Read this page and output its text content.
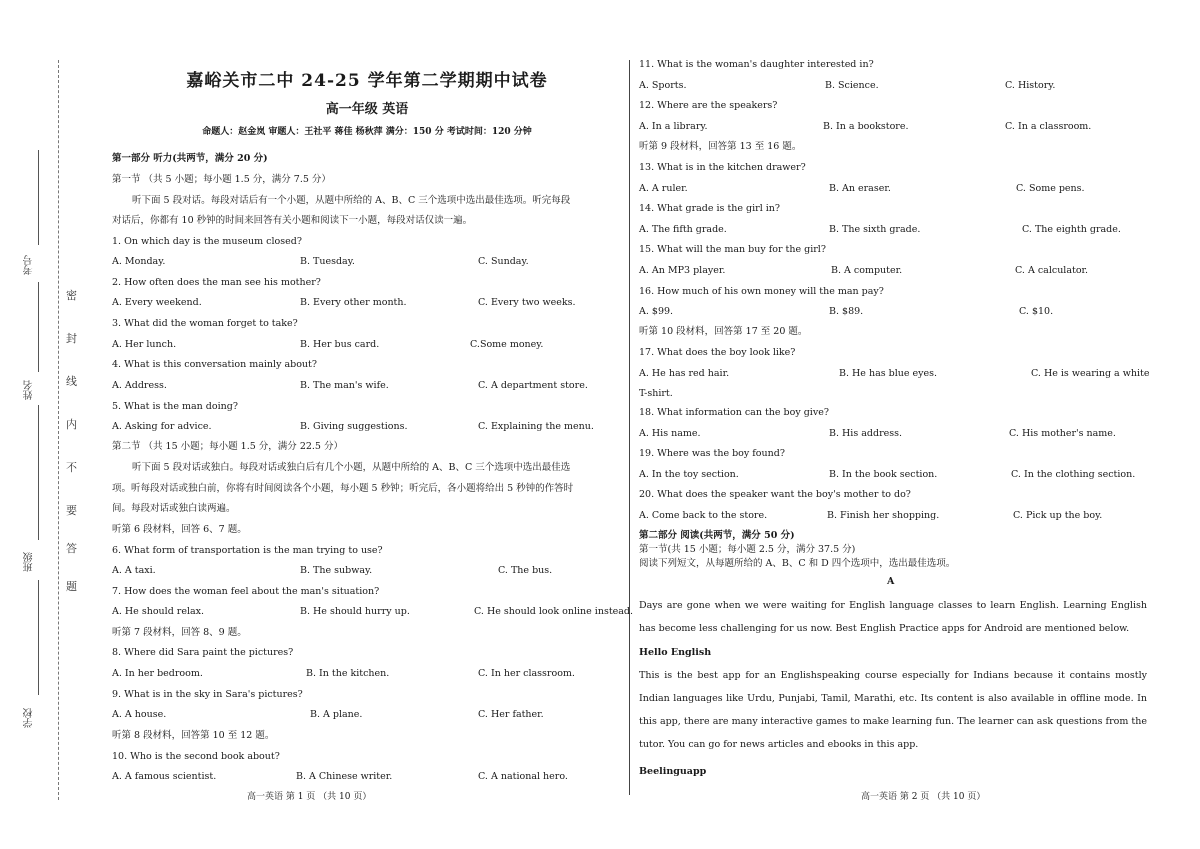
密
封
线
内
不
要
答
题
考号
姓名
班级
学校
嘉峪关市二中 24-25 学年第二学期期中试卷
高一年级 英语
命题人：赵金岚 审题人：王社平 蒋佳 杨秋萍 满分：150 分 考试时间：120 分钟
第一部分 听力(共两节，满分 20 分)
第一节 （共 5 小题；每小题 1.5 分，满分 7.5 分）
听下面 5 段对话。每段对话后有一个小题，从题中所给的 A、B、C 三个选项中选出最佳选项。听完每段
对话后，你都有 10 秒钟的时间来回答有关小题和阅读下一小题，每段对话仅读一遍。
1. On which day is the museum closed?
A. Monday.	B. Tuesday.	C. Sunday.
2. How often does the man see his mother?
A. Every weekend.	B. Every other month.	C. Every two weeks.
3. What did the woman forget to take?
A. Her lunch.	B. Her bus card.	C.Some money.
4. What is this conversation mainly about?
A. Address.	B. The man's wife.	C. A department store.
5. What is the man doing?
A. Asking for advice.	B. Giving suggestions.	C. Explaining the menu.
第二节 （共 15 小题；每小题 1.5 分，满分 22.5 分）
听下面 5 段对话或独白。每段对话或独白后有几个小题，从题中所给的 A、B、C 三个选项中选出最佳选
项。听每段对话或独白前，你将有时间阅读各个小题，每小题 5 秒钟；听完后，各小题将给出 5 秒钟的作答时
间。每段对话或独白读两遍。
听第 6 段材料，回答 6、7 题。
6. What form of transportation is the man trying to use?
A. A taxi.	B. The subway.	C. The bus.
7. How does the woman feel about the man's situation?
A. He should relax.	B. He should hurry up.	C. He should look online instead.
听第 7 段材料，回答 8、9 题。
8. Where did Sara paint the pictures?
A. In her bedroom.	B. In the kitchen.	C. In her classroom.
9. What is in the sky in Sara's pictures?
A. A house.	B. A plane.	C. Her father.
听第 8 段材料，回答第 10 至 12 题。
10. Who is the second book about?
A. A famous scientist.	B. A Chinese writer.	C. A national hero.
高一英语 第 1 页 （共 10 页）
11. What is the woman's daughter interested in?
A. Sports.	B. Science.	C. History.
12. Where are the speakers?
A. In a library.	B. In a bookstore.	C. In a classroom.
听第 9 段材料，回答第 13 至 16 题。
13. What is in the kitchen drawer?
A. A ruler.	B. An eraser.	C. Some pens.
14. What grade is the girl in?
A. The fifth grade.	B. The sixth grade.	C. The eighth grade.
15. What will the man buy for the girl?
A. An MP3 player.	B. A computer.	C. A calculator.
16. How much of his own money will the man pay?
A. $99.	B. $89.	C. $10.
听第 10 段材料，回答第 17 至 20 题。
17. What does the boy look like?
A. He has red hair.	B. He has blue eyes.	C. He is wearing a white
T-shirt.
18. What information can the boy give?
A. His name.	B. His address.	C. His mother's name.
19. Where was the boy found?
A. In the toy section.	B. In the book section.	C. In the clothing section.
20. What does the speaker want the boy's mother to do?
A. Come back to the store.	B. Finish her shopping.	C. Pick up the boy.
第二部分 阅读(共两节，满分 50 分)
第一节(共 15 小题；每小题 2.5 分，满分 37.5 分)
阅读下列短文，从每题所给的 A、B、C 和 D 四个选项中，选出最佳选项。
A
Days are gone when we were waiting for English language classes to learn English. Learning English has become less challenging for us now. Best English Practice apps for Android are mentioned below.
Hello English
This is the best app for an Englishspeaking course especially for Indians because it contains mostly Indian languages like Urdu, Punjabi, Tamil, Marathi, etc. Its content is also available in offline mode. In this app, there are many interactive games to make learning fun. The learner can ask questions from the tutor. You can go for news articles and ebooks in this app.
Beelinguapp
高一英语 第 2 页 （共 10 页）
